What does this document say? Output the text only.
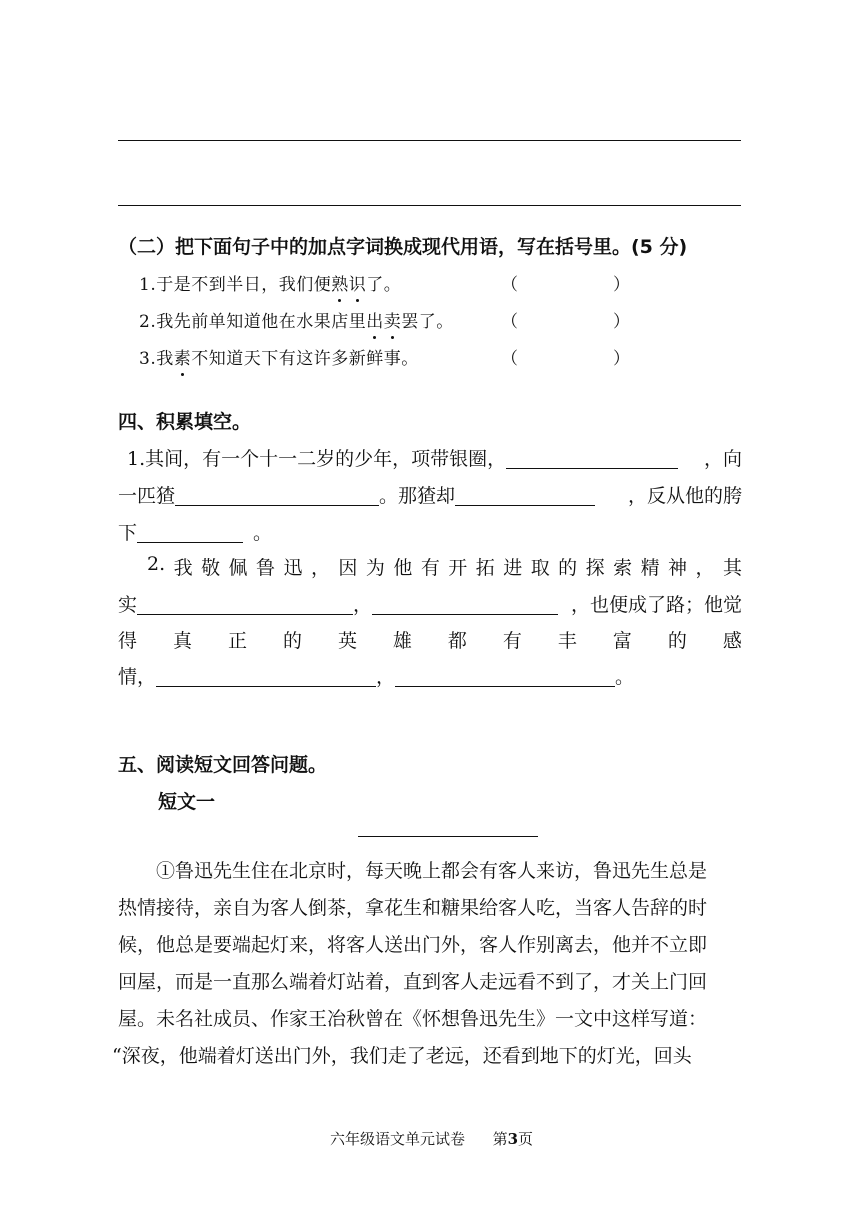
（二）把下面句子中的加点字词换成现代用语，写在括号里。(5 分)
1.于是不到半日，我们便熟识了。	（	）
2.我先前单知道他在水果店里出卖罢了。	（	）
3.我素不知道天下有这许多新鲜事。	（	）
四、积累填空。
1.其间，有一个十一二岁的少年，项带银圈，	，向
一匹猹	。那猹却	，反从他的胯
下	。
2. 我 敬 佩 鲁 迅 ， 因 为 他 有 开 拓 进 取 的 探 索 精 神 ， 其
实	，	，也便成了路；他觉
得 真 正 的 英 雄 都 有 丰 富 的 感
情，	，	。
五、阅读短文回答问题。
短文一
①鲁迅先生住在北京时，每天晚上都会有客人来访，鲁迅先生总是
热情接待，亲自为客人倒茶，拿花生和糖果给客人吃，当客人告辞的时
候，他总是要端起灯来，将客人送出门外，客人作别离去，他并不立即
回屋，而是一直那么端着灯站着，直到客人走远看不到了，才关上门回
屋。未名社成员、作家王冶秋曾在《怀想鲁迅先生》一文中这样写道：
“深夜，他端着灯送出门外，我们走了老远，还看到地下的灯光，回头
六年级语文单元试卷 第3页
